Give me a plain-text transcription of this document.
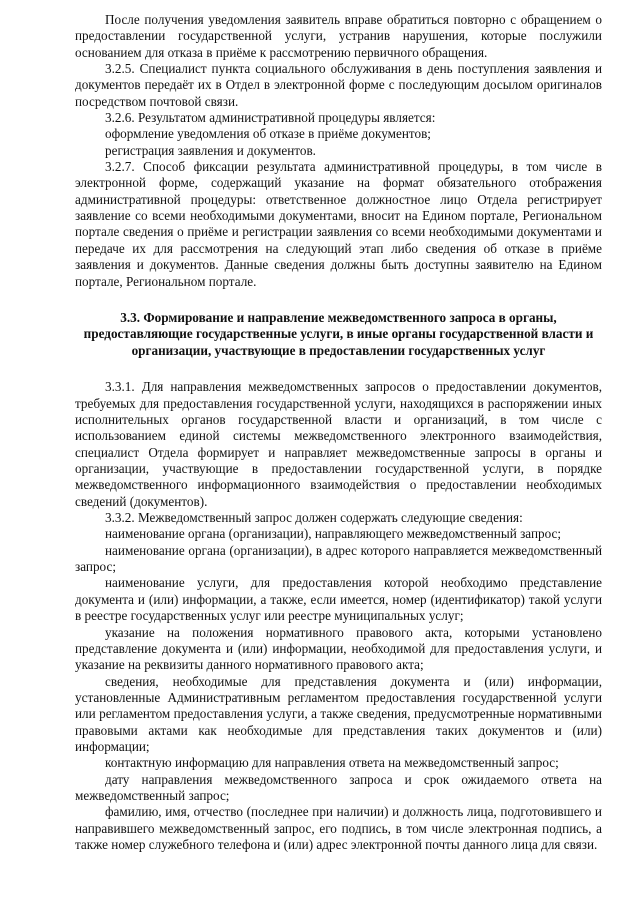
После получения уведомления заявитель вправе обратиться повторно с обращением о предоставлении государственной услуги, устранив нарушения, которые послужили основанием для отказа в приёме к рассмотрению первичного обращения.

3.2.5. Специалист пункта социального обслуживания в день поступления заявления и документов передаёт их в Отдел в электронной форме с последующим досылом оригиналов посредством почтовой связи.

3.2.6. Результатом административной процедуры является:

оформление уведомления об отказе в приёме документов;

регистрация заявления и документов.

3.2.7. Способ фиксации результата административной процедуры, в том числе в электронной форме, содержащий указание на формат обязательного отображения административной процедуры: ответственное должностное лицо Отдела регистрирует заявление со всеми необходимыми документами, вносит на Едином портале, Региональном портале сведения о приёме и регистрации заявления со всеми необходимыми документами и передаче их для рассмотрения на следующий этап либо сведения об отказе в приёме заявления и документов. Данные сведения должны быть доступны заявителю на Едином портале, Региональном портале.

3.3. Формирование и направление межведомственного запроса в органы, предоставляющие государственные услуги, в иные органы государственной власти и организации, участвующие в предоставлении государственных услуг

3.3.1. Для направления межведомственных запросов о предоставлении документов, требуемых для предоставления государственной услуги, находящихся в распоряжении иных исполнительных органов государственной власти и организаций, в том числе с использованием единой системы межведомственного электронного взаимодействия, специалист Отдела формирует и направляет межведомственные запросы в органы и организации, участвующие в предоставлении государственной услуги, в порядке межведомственного информационного взаимодействия о предоставлении необходимых сведений (документов).

3.3.2. Межведомственный запрос должен содержать следующие сведения:

наименование органа (организации), направляющего межведомственный запрос;

наименование органа (организации), в адрес которого направляется межведомственный запрос;

наименование услуги, для предоставления которой необходимо представление документа и (или) информации, а также, если имеется, номер (идентификатор) такой услуги в реестре государственных услуг или реестре муниципальных услуг;

указание на положения нормативного правового акта, которыми установлено представление документа и (или) информации, необходимой для предоставления услуги, и указание на реквизиты данного нормативного правового акта;

сведения, необходимые для представления документа и (или) информации, установленные Административным регламентом предоставления государственной услуги или регламентом предоставления услуги, а также сведения, предусмотренные нормативными правовыми актами как необходимые для представления таких документов и (или) информации;

контактную информацию для направления ответа на межведомственный запрос;

дату направления межведомственного запроса и срок ожидаемого ответа на межведомственный запрос;

фамилию, имя, отчество (последнее при наличии) и должность лица, подготовившего и направившего межведомственный запрос, его подпись, в том числе электронная подпись, а также номер служебного телефона и (или) адрес электронной почты данного лица для связи.
